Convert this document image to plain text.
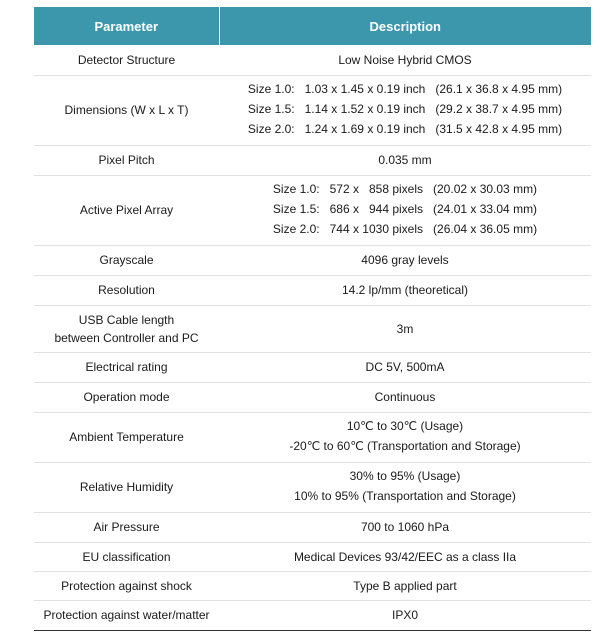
Parameter	Description
Detector Structure	Low Noise Hybrid CMOS
Dimensions (W x L x T)	Size 1.0:   1.03 x 1.45 x 0.19 inch   (26.1 x 36.8 x 4.95 mm)
Size 1.5:   1.14 x 1.52 x 0.19 inch   (29.2 x 38.7 x 4.95 mm)
Size 2.0:   1.24 x 1.69 x 0.19 inch   (31.5 x 42.8 x 4.95 mm)

Pixel Pitch	0.035 mm
Active Pixel Array	Size 1.0:   572 x   858 pixels   (20.02 x 30.03 mm)
Size 1.5:   686 x   944 pixels   (24.01 x 33.04 mm)
Size 2.0:   744 x 1030 pixels   (26.04 x 36.05 mm)

Grayscale	4096 gray levels
Resolution	14.2 lp/mm (theoretical)

USB Cable length
between Controller and PC	3m
Electrical rating	DC 5V, 500mA
Operation mode	Continuous
Ambient Temperature	10℃ to 30℃ (Usage)
-20℃ to 60℃ (Transportation and Storage)

Relative Humidity	30% to 95% (Usage)
10% to 95% (Transportation and Storage)

Air Pressure	700 to 1060 hPa
EU classification	Medical Devices 93/42/EEC as a class IIa
Protection against shock	Type B applied part
Protection against water/matter	IPX0
